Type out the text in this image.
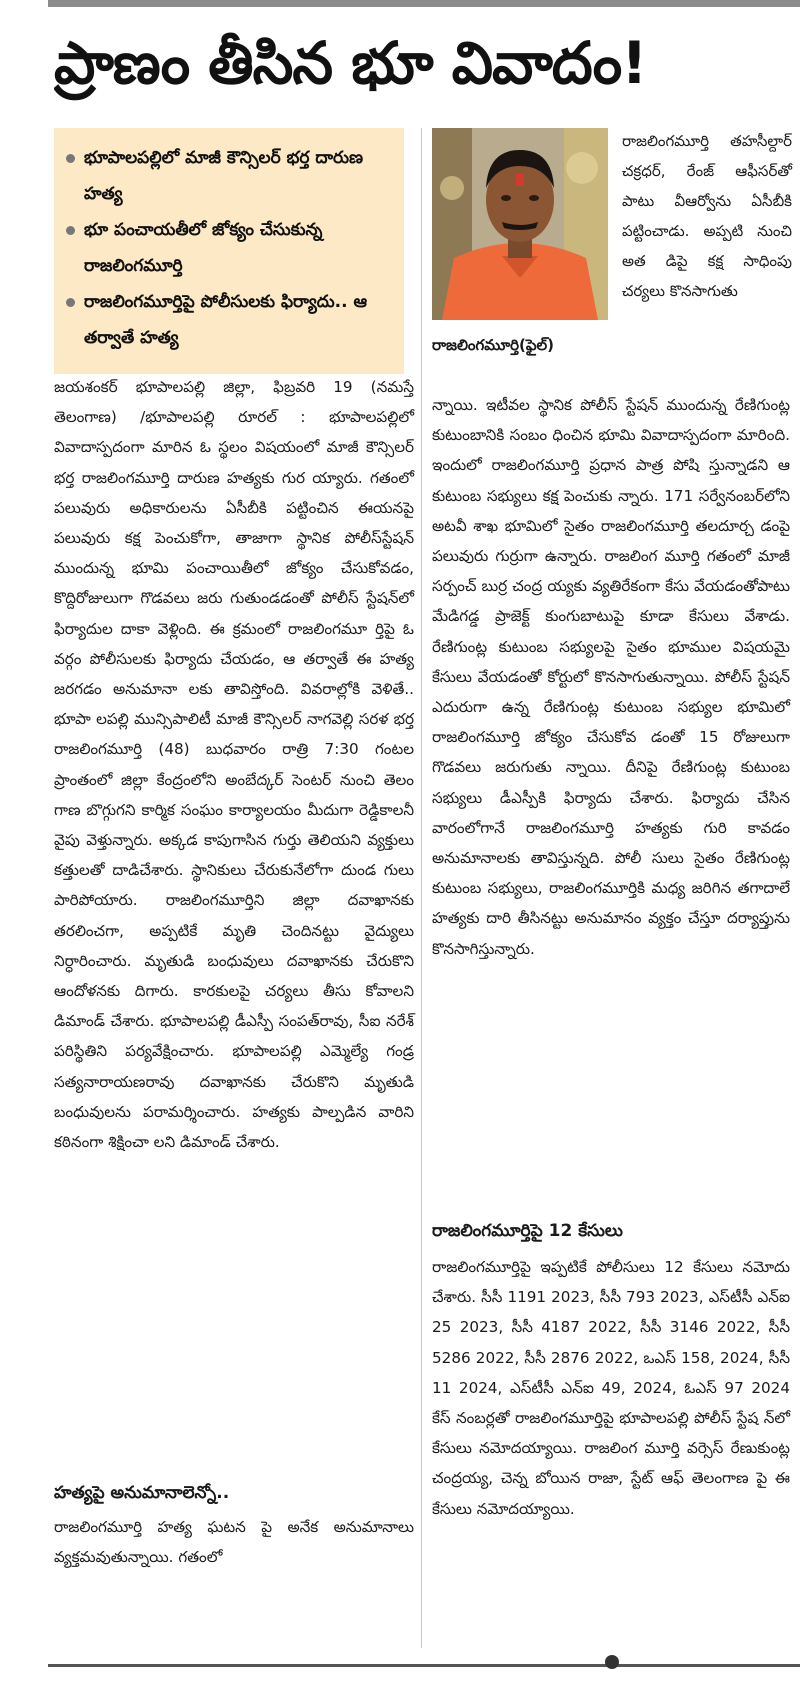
ప్రాణం తీసిన భూ వివాదం!
భూపాలపల్లిలో మాజీ కౌన్సిలర్ భర్త దారుణ హత్య
భూ పంచాయతీలో జోక్యం చేసుకున్న రాజలింగమూర్తి
రాజలింగమూర్తిపై పోలీసులకు ఫిర్యాదు.. ఆ తర్వాతే హత్య	రాజలింగమూర్తి(ఫైల్)

రాజలింగమూర్తి తహసీల్దార్ చక్రధర్, రేంజ్ ఆఫీసర్‌తో పాటు వీఆర్వోను ఏసీబీకి పట్టించాడు. అప్పటి నుంచి అత డిపై కక్ష సాధింపు చర్యలు కొనసాగుతు

జయశంకర్ భూపాలపల్లి జిల్లా, ఫిబ్రవరి 19 (నమస్తే తెలంగాణ) /భూపాలపల్లి రూరల్ : భూపాలపల్లిలో వివాదాస్పదంగా మారిన ఓ స్థలం విషయంలో మాజీ కౌన్సిలర్ భర్త రాజలింగమూర్తి దారుణ హత్యకు గుర య్యారు. గతంలో పలువురు అధికారులను ఏసీబీకి పట్టించిన ఈయనపై పలువురు కక్ష పెంచుకోగా, తాజాగా స్థానిక పోలీస్‌స్టేషన్ ముందున్న భూమి పంచాయితీలో జోక్యం చేసుకోవడం, కొద్దిరోజులుగా గొడవలు జరు గుతుండడంతో పోలీస్ స్టేషన్‌లో ఫిర్యాదుల దాకా వెళ్లింది. ఈ క్రమంలో రాజలింగమూ ర్తిపై ఓ వర్గం పోలీసులకు ఫిర్యాదు చేయడం, ఆ తర్వాతే ఈ హత్య జరగడం అనుమానా లకు తావిస్తోంది. వివరాల్లోకి వెళితే.. భూపా లపల్లి మున్సిపాలిటీ మాజీ కౌన్సిలర్ నాగవెల్లి సరళ భర్త రాజలింగమూర్తి (48) బుధవారం రాత్రి 7:30 గంటల ప్రాంతంలో జిల్లా కేంద్రంలోని అంబేద్కర్ సెంటర్ నుంచి తెలం గాణ బొగ్గుగని కార్మిక సంఘం కార్యాలయం మీదుగా రెడ్డికాలనీ వైపు వెళ్తున్నారు. అక్కడ కాపుగాసిన గుర్తు తెలియని వ్యక్తులు కత్తులతో దాడిచేశారు. స్థానికులు చేరుకునేలోగా దుండ గులు పారిపోయారు. రాజలింగమూర్తిని జిల్లా దవాఖానకు తరలించగా, అప్పటికే మృతి చెందినట్టు వైద్యులు నిర్ధారించారు. మృతుడి బంధువులు దవాఖానకు చేరుకొని ఆందోళనకు దిగారు. కారకులపై చర్యలు తీసు కోవాలని డిమాండ్ చేశారు. భూపాలపల్లి డీఎస్పీ సంపత్‌రావు, సీఐ నరేశ్ పరిస్థితిని పర్యవేక్షించారు. భూపాలపల్లి ఎమ్మెల్యే గండ్ర సత్యనారాయణరావు దవాఖానకు చేరుకొని మృతుడి బంధువులను పరామర్శించారు. హత్యకు పాల్పడిన వారిని కఠినంగా శిక్షించా లని డిమాండ్ చేశారు.

హత్యపై అనుమానాలెన్నో..

రాజలింగమూర్తి హత్య ఘటన పై అనేక అనుమానాలు వ్యక్తమవుతున్నాయి. గతంలో

న్నాయి. ఇటీవల స్థానిక పోలీస్ స్టేషన్ ముందున్న రేణిగుంట్ల కుటుంబానికి సంబం ధించిన భూమి వివాదాస్పదంగా మారింది. ఇందులో రాజలింగమూర్తి ప్రధాన పాత్ర పోషి స్తున్నాడని ఆ కుటుంబ సభ్యులు కక్ష పెంచుకు న్నారు. 171 సర్వేనంబర్‌లోని అటవీ శాఖ భూమిలో సైతం రాజలింగమూర్తి తలదూర్చ డంపై పలువురు గుర్రుగా ఉన్నారు. రాజలింగ మూర్తి గతంలో మాజీ సర్పంచ్ బుర్ర చంద్ర య్యకు వ్యతిరేకంగా కేసు వేయడంతోపాటు మేడిగడ్డ ప్రాజెక్ట్ కుంగుబాటుపై కూడా కేసులు వేశాడు. రేణిగుంట్ల కుటుంబ సభ్యులపై సైతం భూముల విషయమై కేసులు వేయడంతో కోర్టులో కొనసాగుతున్నాయి. పోలీస్ స్టేషన్ ఎదురుగా ఉన్న రేణిగుంట్ల కుటుంబ సభ్యుల భూమిలో రాజలింగమూర్తి జోక్యం చేసుకోవ డంతో 15 రోజులుగా గొడవలు జరుగుతు న్నాయి. దీనిపై రేణిగుంట్ల కుటుంబ సభ్యులు డీఎస్పీకి ఫిర్యాదు చేశారు. ఫిర్యాదు చేసిన వారంలోగానే రాజలింగమూర్తి హత్యకు గురి కావడం అనుమానాలకు తావిస్తున్నది. పోలీ సులు సైతం రేణిగుంట్ల కుటుంబ సభ్యులు, రాజలింగమూర్తికి మధ్య జరిగిన తగాదాలే హత్యకు దారి తీసినట్టు అనుమానం వ్యక్తం చేస్తూ దర్యాప్తును కొనసాగిస్తున్నారు.

రాజలింగమూర్తిపై 12 కేసులు

రాజలింగమూర్తిపై ఇప్పటికే పోలీసులు 12 కేసులు నమోదు చేశారు. సీసీ 1191 2023, సీసీ 793 2023, ఎస్‌టీసీ ఎన్‌ఐ 25 2023, సీసీ 4187 2022, సీసీ 3146 2022, సీసీ 5286 2022, సీసీ 2876 2022, ఒఎస్ 158, 2024, సీసీ 11 2024, ఎస్‌టీసీ ఎన్‌ఐ 49, 2024, ఓఎస్ 97 2024 కేస్ నంబర్లతో రాజలింగమూర్తిపై భూపాలపల్లి పోలీస్ స్టేష న్‌లో కేసులు నమోదయ్యాయి. రాజలింగ మూర్తి వర్సెస్ రేణుకుంట్ల చంద్రయ్య, చెన్న బోయిన రాజా, స్టేట్ ఆఫ్ తెలంగాణ పై ఈ కేసులు నమోదయ్యాయి.
